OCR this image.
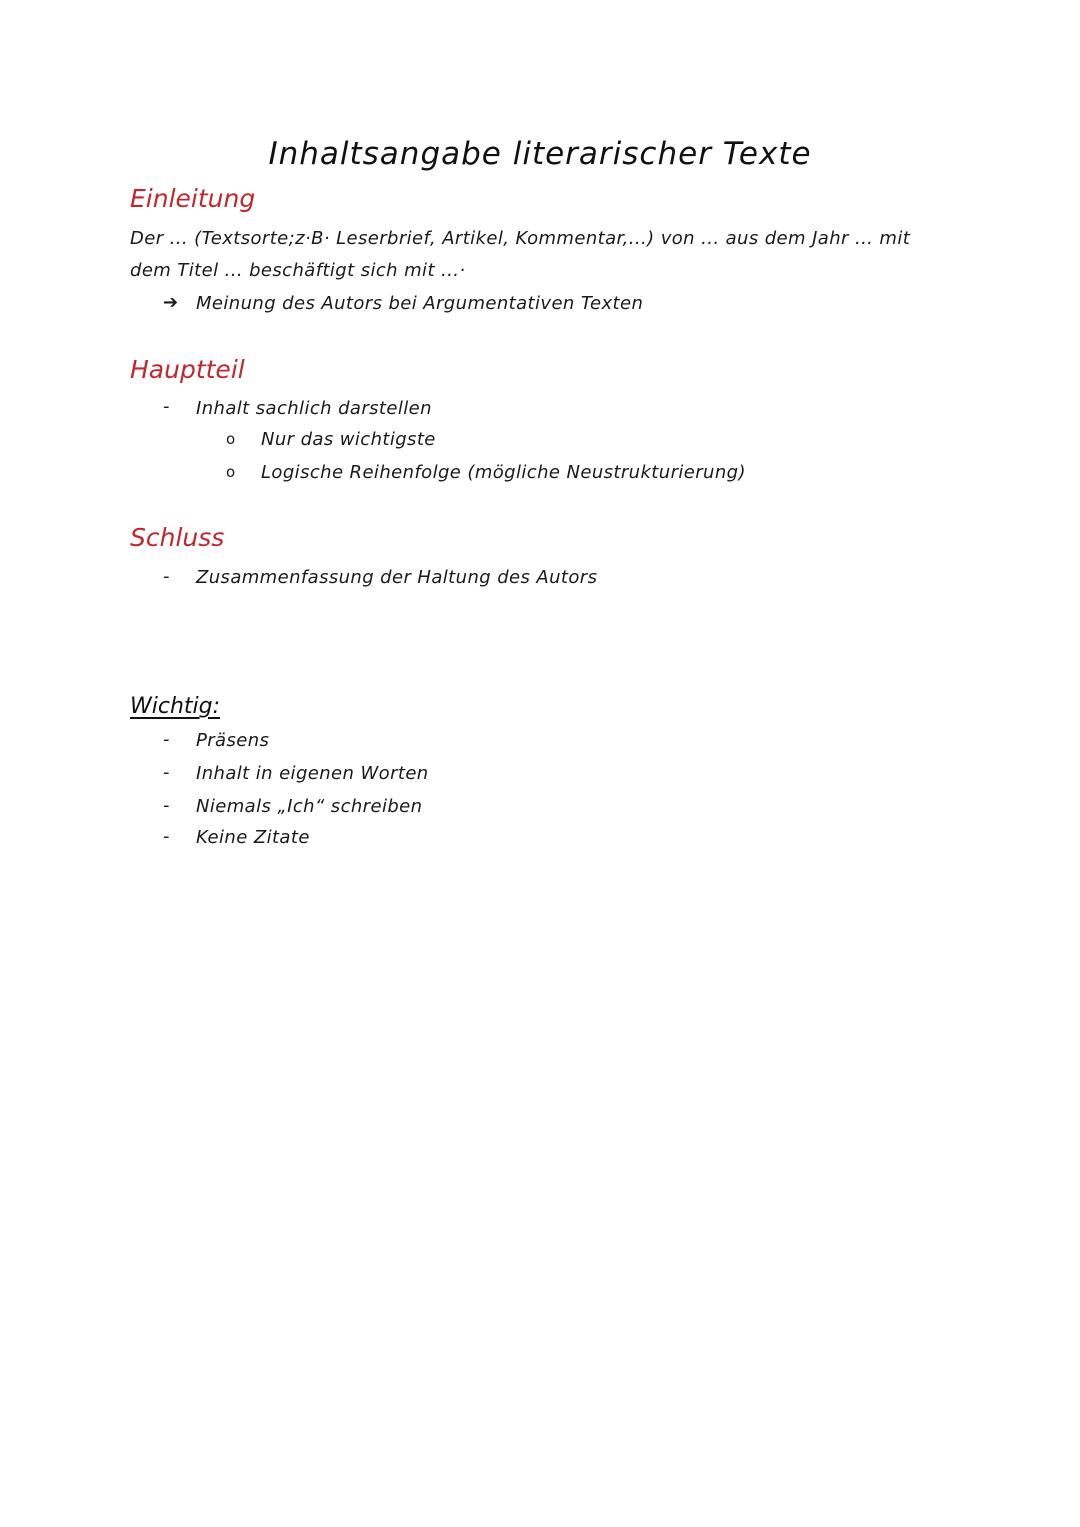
Inhaltsangabe literarischer Texte
Einleitung
Der ... (Textsorte;z·B· Leserbrief, Artikel, Kommentar,...) von ... aus dem Jahr ... mit
dem Titel ... beschäftigt sich mit ...·
➔ Meinung des Autors bei Argumentativen Texten
Hauptteil
- Inhalt sachlich darstellen
o Nur das wichtigste
o Logische Reihenfolge (mögliche Neustrukturierung)
Schluss
- Zusammenfassung der Haltung des Autors
Wichtig:
- Präsens
- Inhalt in eigenen Worten
- Niemals „Ich“ schreiben
- Keine Zitate
